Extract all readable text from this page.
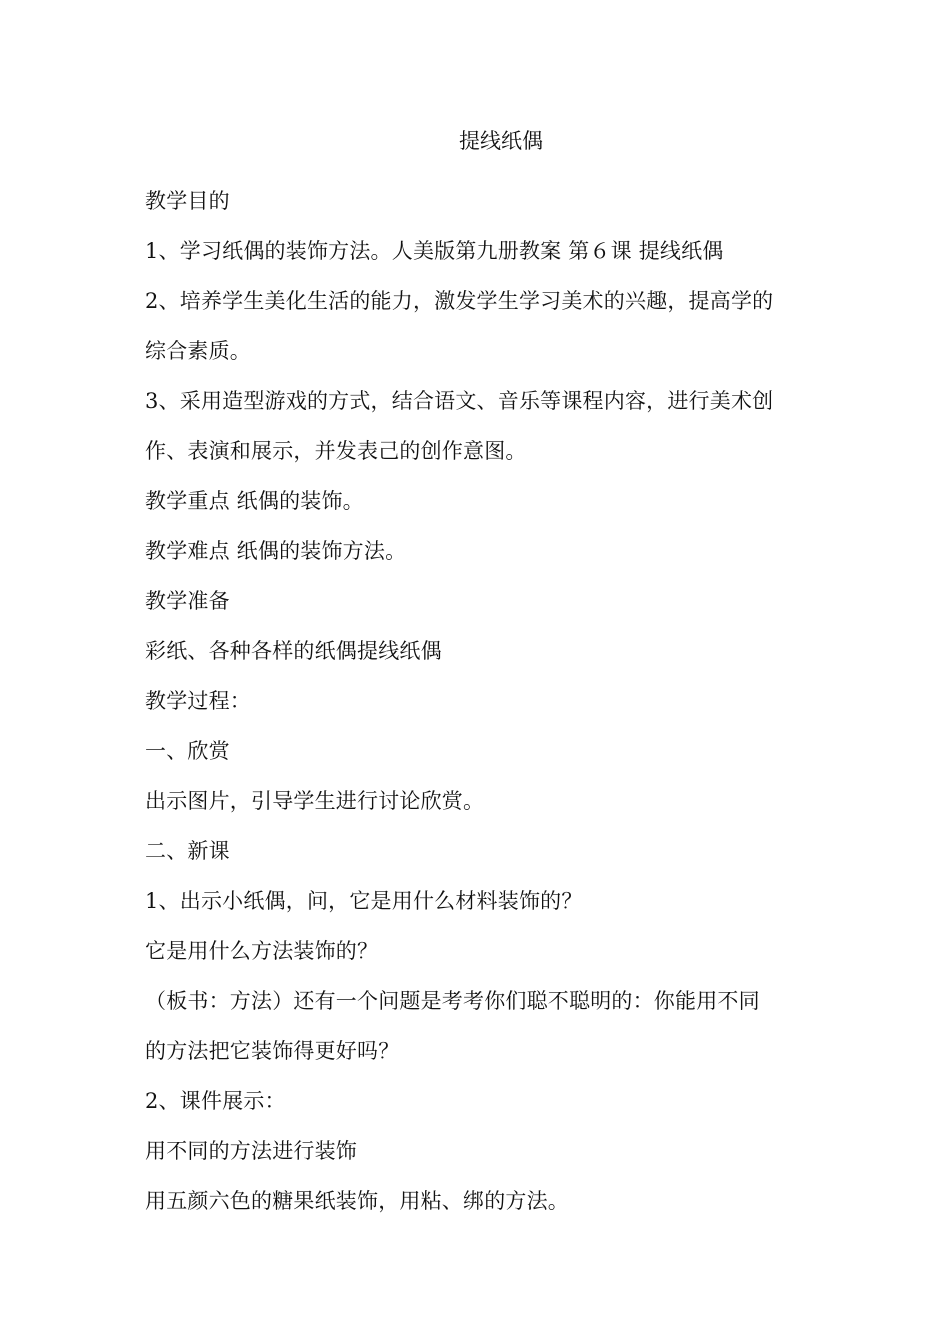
提线纸偶
教学目的
1、学习纸偶的装饰方法。人美版第九册教案 第６课 提线纸偶
2、培养学生美化生活的能力，激发学生学习美术的兴趣，提高学的
综合素质。
3、采用造型游戏的方式，结合语文、音乐等课程内容，进行美术创
作、表演和展示，并发表己的创作意图。
教学重点 纸偶的装饰。
教学难点 纸偶的装饰方法。
教学准备
彩纸、各种各样的纸偶提线纸偶
教学过程：
一、欣赏
出示图片，引导学生进行讨论欣赏。
二、新课
1、出示小纸偶，问，它是用什么材料装饰的？
它是用什么方法装饰的？
（板书：方法）还有一个问题是考考你们聪不聪明的：你能用不同
的方法把它装饰得更好吗？
2、课件展示：
用不同的方法进行装饰
用五颜六色的糖果纸装饰，用粘、绑的方法。
